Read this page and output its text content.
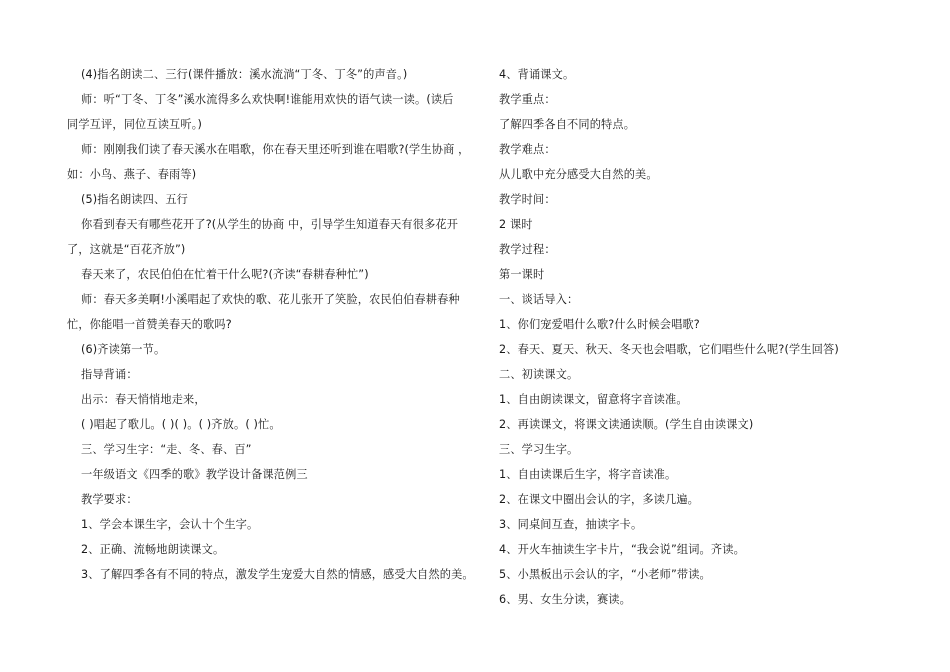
(4)指名朗读二、三行(课件播放：溪水流淌“丁冬、丁冬”的声音。)
师：听“丁冬、丁冬”溪水流得多么欢快啊!谁能用欢快的语气读一读。(读后
同学互评，同位互读互听。)
师：刚刚我们读了春天溪水在唱歌，你在春天里还听到谁在唱歌?(学生协商 ，
如：小鸟、燕子、春雨等)
(5)指名朗读四、五行
你看到春天有哪些花开了?(从学生的协商 中，引导学生知道春天有很多花开
了，这就是“百花齐放”)
春天来了，农民伯伯在忙着干什么呢?(齐读“春耕春种忙”)
师：春天多美啊!小溪唱起了欢快的歌、花儿张开了笑脸，农民伯伯春耕春种
忙，你能唱一首赞美春天的歌吗?
(6)齐读第一节。
指导背诵：
出示：春天悄悄地走来，
( )唱起了歌儿。( )( )。( )齐放。( )忙。
三、学习生字：“走、冬、春、百”
一年级语文《四季的歌》教学设计备课范例三
教学要求：
1、学会本课生字，会认十个生字。
2、正确、流畅地朗读课文。
3、了解四季各有不同的特点，激发学生宠爱大自然的情感，感受大自然的美。
4、背诵课文。
教学重点：
了解四季各自不同的特点。
教学难点：
从儿歌中充分感受大自然的美。
教学时间：
2 课时
教学过程：
第一课时
一、谈话导入：
1、你们宠爱唱什么歌?什么时候会唱歌?
2、春天、夏天、秋天、冬天也会唱歌，它们唱些什么呢?(学生回答)
二、初读课文。
1、自由朗读课文，留意将字音读准。
2、再读课文，将课文读通读顺。(学生自由读课文)
三、学习生字。
1、自由读课后生字，将字音读准。
2、在课文中圈出会认的字，多读几遍。
3、同桌间互查，抽读字卡。
4、开火车抽读生字卡片，“我会说”组词。齐读。
5、小黑板出示会认的字，“小老师”带读。
6、男、女生分读，赛读。
